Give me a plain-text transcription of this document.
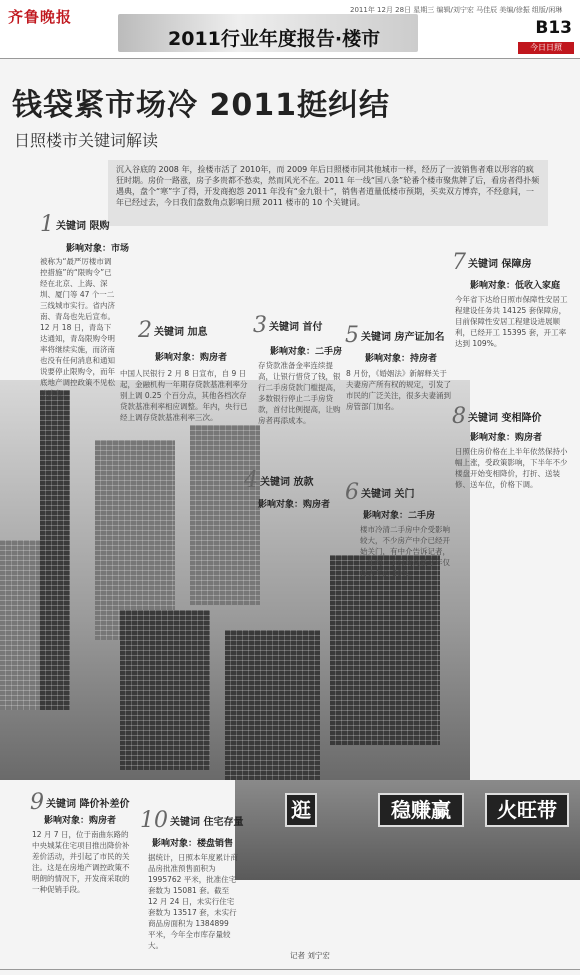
齐鲁晚报
2011行业年度报告·楼市
2011年 12月 28日 星期三 编辑/刘宁宏 马佳辰 美编/徐振 组版/闲琳
B13
今日日照
钱袋紧市场冷 2011挺纠结
日照楼市关键词解读
沉入谷底的 2008 年，捡楼市活了 2010年，而 2009 年后日照楼市同其他城市一样，经历了一波销售者难以形容的疯狂时期。房价一路涨，房子多贵都不愁卖，然而风光不在。2011 年一线“国八条”轮番个楼市聚焦牌了后，看房者得扑频遇典，盘个“寒”字了得，开发商抱怨 2011 年没有“金九银十”，销售者道量低楼市预期，买卖双方博弈，不经意间，一年已经过去，今日我们盘数角点影响日照 2011 楼市的 10 个关键词。
逛	稳赚赢	火旺带
1 关键词 限购
影响对象：市场
被称为“最严厉楼市调控措施”的“限购令”已经在北京、上海、深圳、厦门等 47 个一二三线城市实行。省内济南、青岛也先后宣布。12 月 18 日，青岛下达通知，青岛限购令明率将继续实施，而济南也没有任何消息和通知说要停止限购令，而年底地产调控政策不见松动迹象。
2 关键词 加息
影响对象：购房者
中国人民银行 2 月 8 日宣布，自 9 日起，金融机构一年期存贷款基准利率分别上调 0.25 个百分点，其他各档次存贷款基准利率相应调整。年内，央行已经上调存贷款基准利率三次。
3 关键词 首付
影响对象：二手房
存贷款准备金率连续提高，让银行惜贷了钱，银行二手房贷款门槛提高，多数银行停止二手房贷款，首付比例提高，让购房者再添成本。
4 关键词 放款
影响对象：购房者
5 关键词 房产证加名
影响对象：持房者
8 月份，《婚姻法》新解释关于夫妻房产所有权的规定，引发了市民的广泛关注，很多夫妻涌到房管部门加名。
6 关键词 关门
影响对象：二手房
楼市冷清二手房中介受影响较大，不少房产中介已经开始关门，有中介告诉记者，一年的二手房成交量今年仅仅去年的 30%。
7 关键词 保障房
影响对象：低收入家庭
今年省下达给日照市保障性安居工程建设任务共 14125 套保障房，目前保障性安居工程建设进展顺利，已经开工 15395 套，开工率达到 109%。
8 关键词 变相降价
影响对象：购房者
日照住房价格在上半年依然保持小幅上涨，受政策影响，下半年不少楼盘开始变相降价，打折、送装修、送车位，价格下调。
9 关键词 降价补差价
影响对象：购房者
12 月 7 日，位于南曲东路的中央城某住宅项目推出降价补差价活动，并引起了市民的关注。这是在房地产调控政策不明朗的情况下，开发商采取的一种促销手段。
10 关键词 住宅存量
影响对象：楼盘销售
据统计，日照本年度累计商品房批准预售面积为 1995762 平米，批准住宅套数为 15081 套。截至 12 月 24 日，未实行住宅套数为 13517 套，未实行商品房面积为 1384899 平米，今年全市库存量较大。
记者 刘宁宏
